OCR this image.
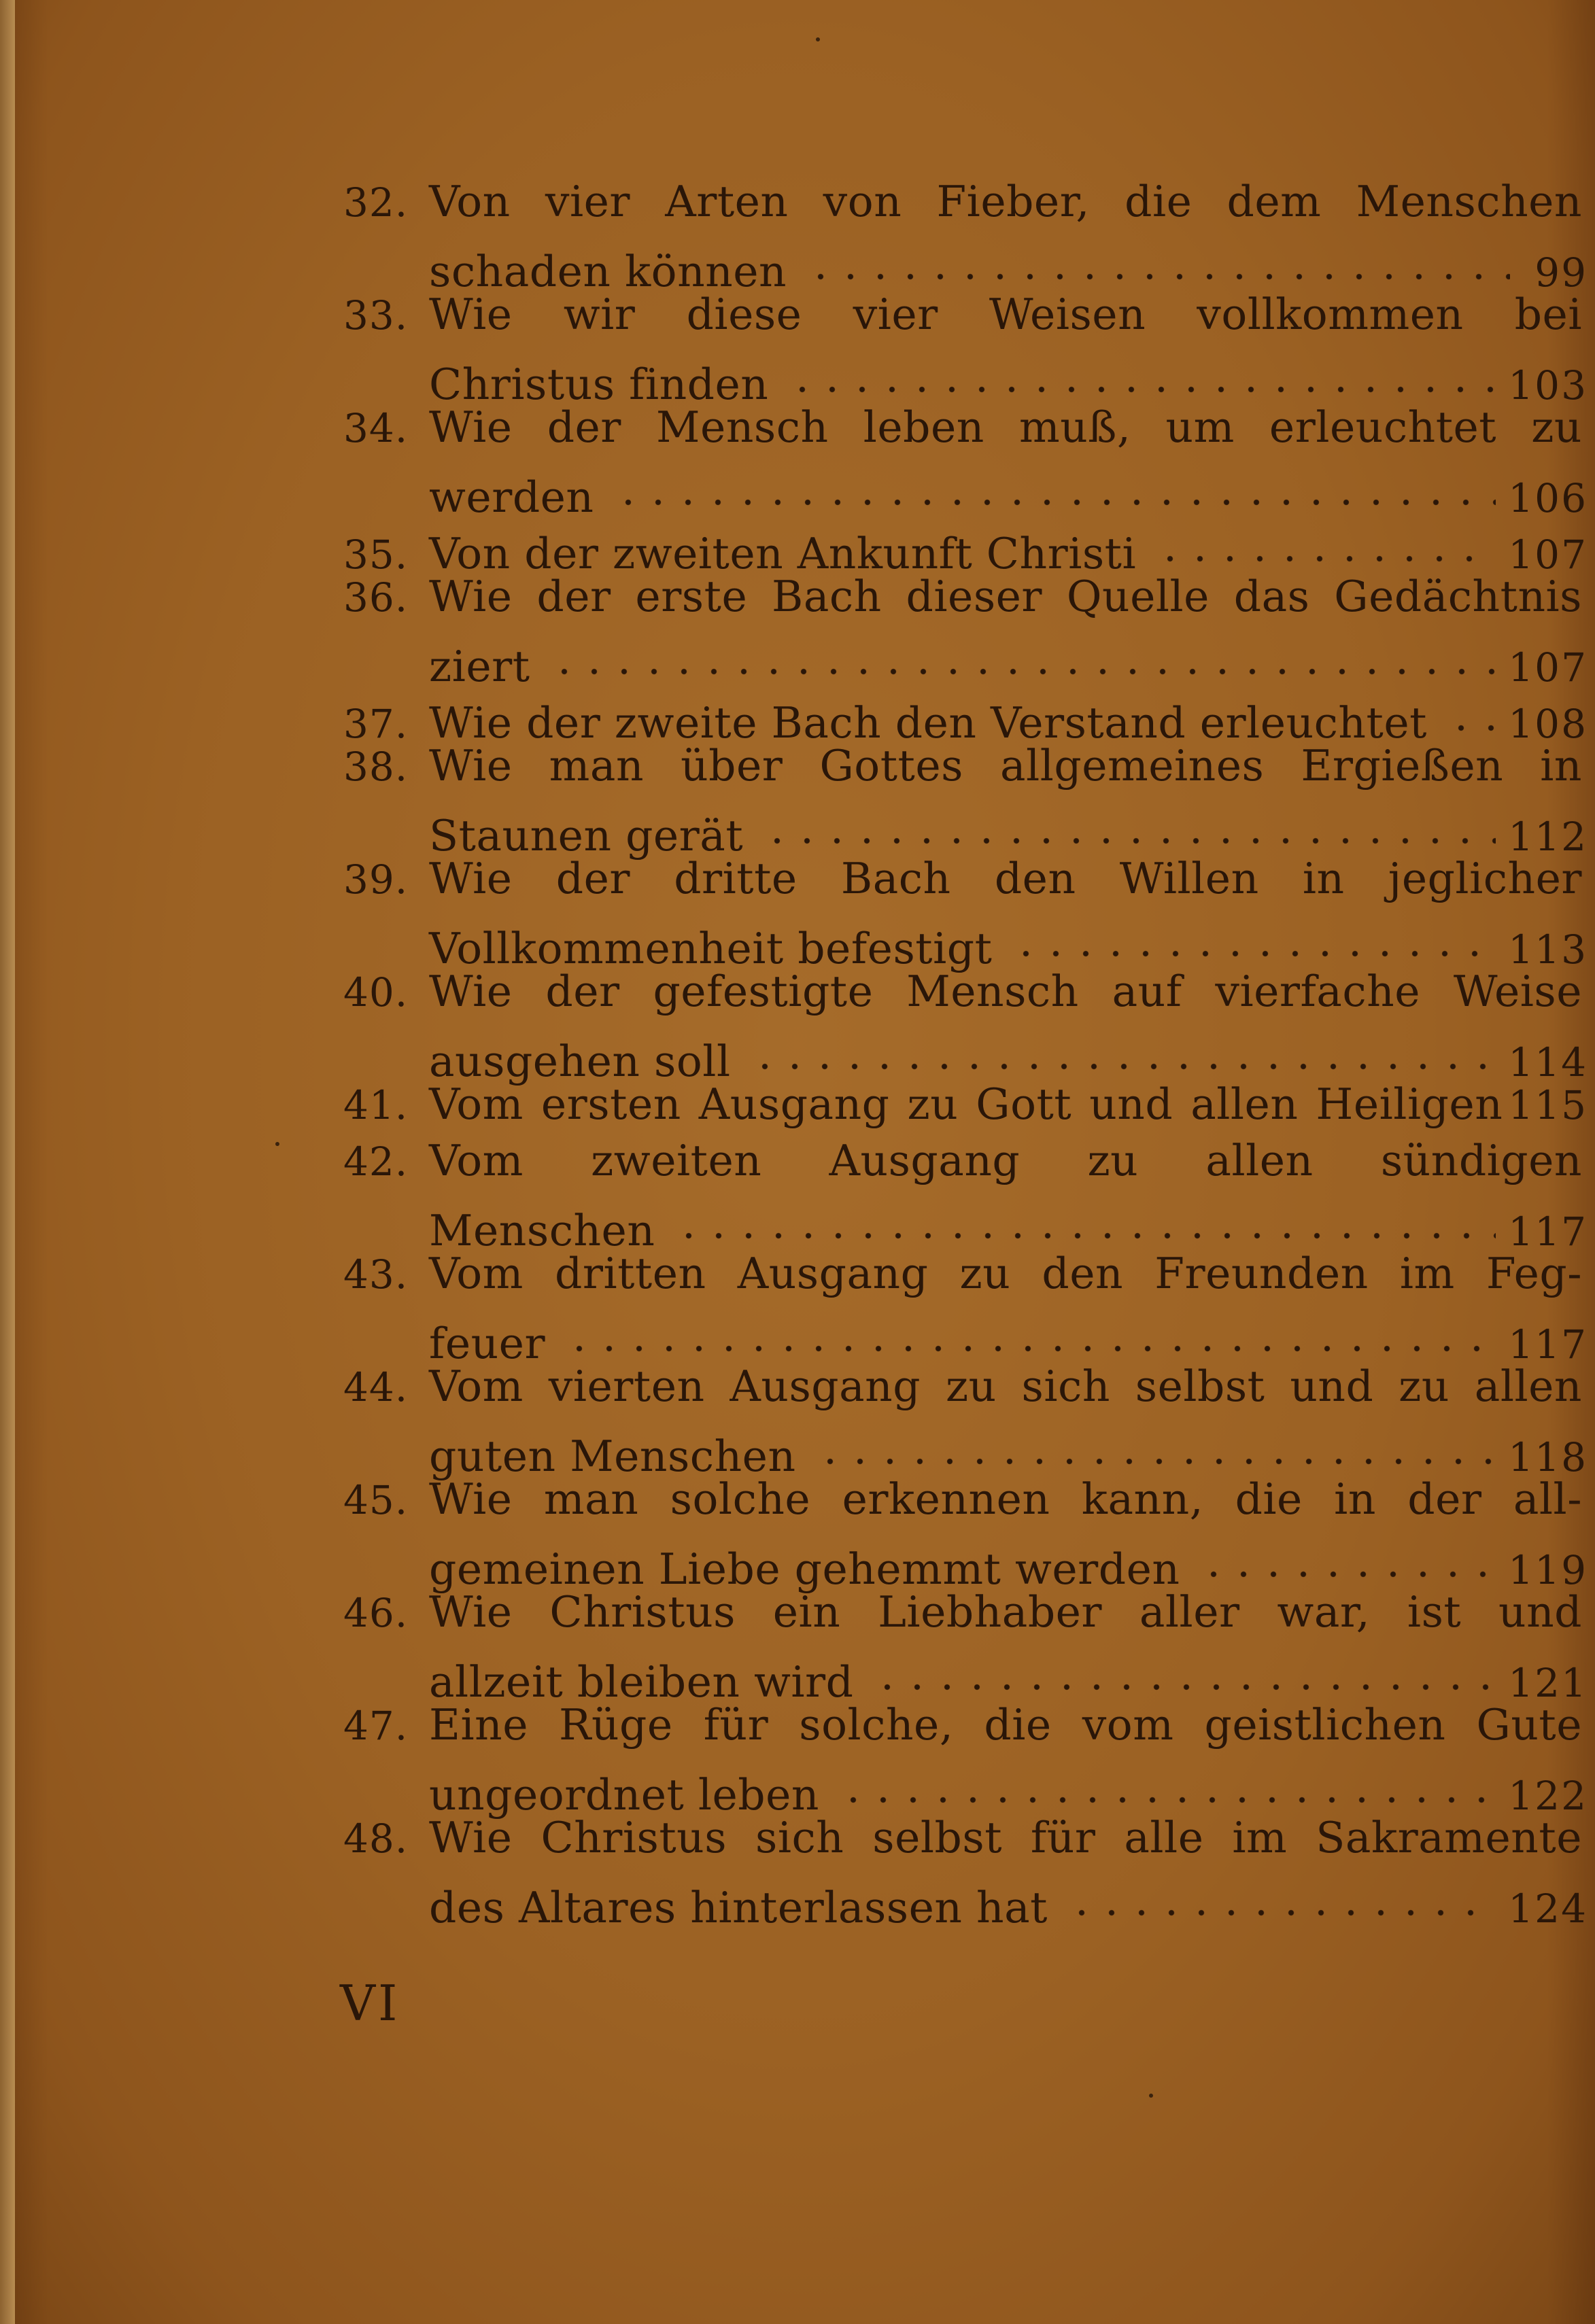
32. Von vier Arten von Fieber, die dem Menschen
schaden können	99
33. Wie wir diese vier Weisen vollkommen bei
Christus finden	103
34. Wie der Mensch leben muß, um erleuchtet zu
werden	106
35. Von der zweiten Ankunft Christi	107
36. Wie der erste Bach dieser Quelle das Gedächtnis
ziert	107
37. Wie der zweite Bach den Verstand erleuchtet 108
38. Wie man über Gottes allgemeines Ergießen in
Staunen gerät	112
39. Wie der dritte Bach den Willen in jeglicher
Vollkommenheit befestigt	113
40. Wie der gefestigte Mensch auf vierfache Weise
ausgehen soll	114
41. Vom ersten Ausgang zu Gott und allen Heiligen 115
42. Vom zweiten Ausgang zu allen sündigen
Menschen	117
43. Vom dritten Ausgang zu den Freunden im Feg-
feuer	117
44. Vom vierten Ausgang zu sich selbst und zu allen
guten Menschen	118
45. Wie man solche erkennen kann, die in der all-
gemeinen Liebe gehemmt werden	119
46. Wie Christus ein Liebhaber aller war, ist und
allzeit bleiben wird	121
47. Eine Rüge für solche, die vom geistlichen Gute
ungeordnet leben	122
48. Wie Christus sich selbst für alle im Sakramente
des Altares hinterlassen hat	124
VI
